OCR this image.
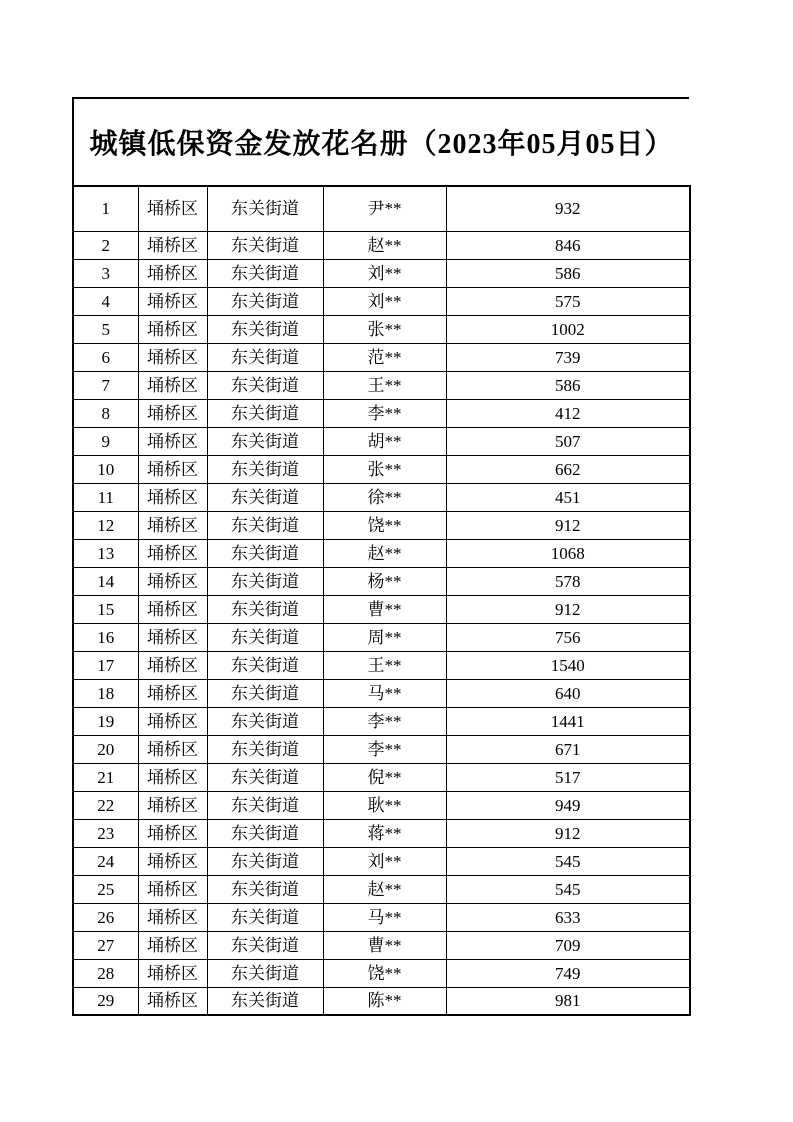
城镇低保资金发放花名册（2023年05月05日）
1	埇桥区	东关街道	尹**	932
2	埇桥区	东关街道	赵**	846
3	埇桥区	东关街道	刘**	586
4	埇桥区	东关街道	刘**	575
5	埇桥区	东关街道	张**	1002
6	埇桥区	东关街道	范**	739
7	埇桥区	东关街道	王**	586
8	埇桥区	东关街道	李**	412
9	埇桥区	东关街道	胡**	507
10	埇桥区	东关街道	张**	662
11	埇桥区	东关街道	徐**	451
12	埇桥区	东关街道	饶**	912
13	埇桥区	东关街道	赵**	1068
14	埇桥区	东关街道	杨**	578
15	埇桥区	东关街道	曹**	912
16	埇桥区	东关街道	周**	756
17	埇桥区	东关街道	王**	1540
18	埇桥区	东关街道	马**	640
19	埇桥区	东关街道	李**	1441
20	埇桥区	东关街道	李**	671
21	埇桥区	东关街道	倪**	517
22	埇桥区	东关街道	耿**	949
23	埇桥区	东关街道	蒋**	912
24	埇桥区	东关街道	刘**	545
25	埇桥区	东关街道	赵**	545
26	埇桥区	东关街道	马**	633
27	埇桥区	东关街道	曹**	709
28	埇桥区	东关街道	饶**	749
29	埇桥区	东关街道	陈**	981
